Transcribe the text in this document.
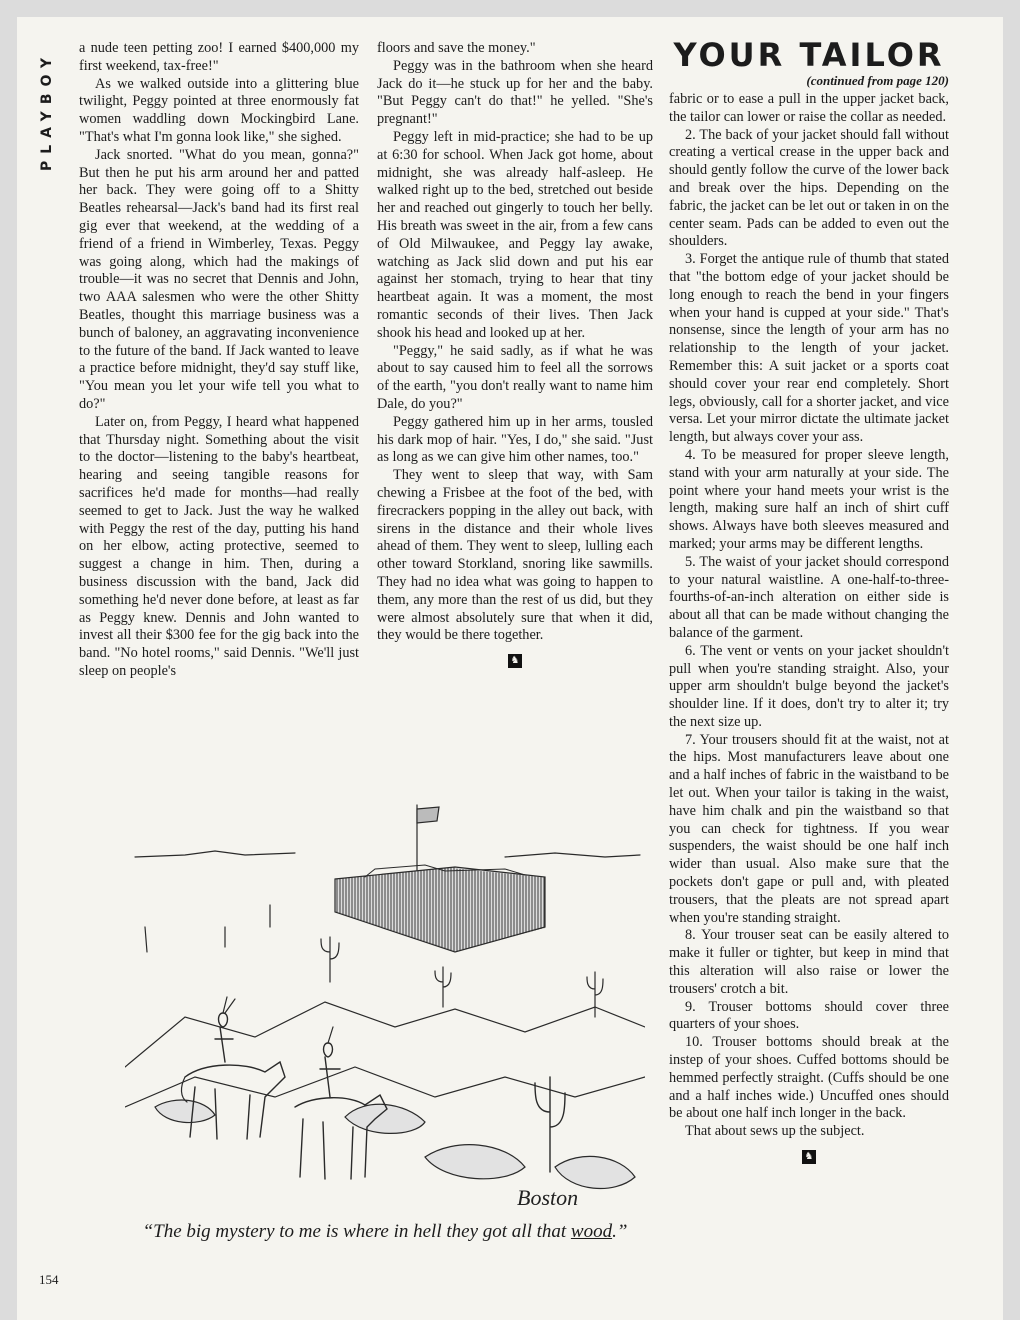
PLAYBOY

a nude teen petting zoo! I earned $400,000 my first weekend, tax-free!"

As we walked outside into a glittering blue twilight, Peggy pointed at three enormously fat women waddling down Mockingbird Lane. "That's what I'm gonna look like," she sighed.

Jack snorted. "What do you mean, gonna?" But then he put his arm around her and patted her back. They were going off to a Shitty Beatles rehearsal—Jack's band had its first real gig ever that weekend, at the wedding of a friend of a friend in Wimberley, Texas. Peggy was going along, which had the makings of trouble—it was no secret that Dennis and John, two AAA salesmen who were the other Shitty Beatles, thought this marriage business was a bunch of baloney, an aggravating inconvenience to the future of the band. If Jack wanted to leave a practice before midnight, they'd say stuff like, "You mean you let your wife tell you what to do?"

Later on, from Peggy, I heard what happened that Thursday night. Something about the visit to the doctor—listening to the baby's heartbeat, hearing and seeing tangible reasons for sacrifices he'd made for months—had really seemed to get to Jack. Just the way he walked with Peggy the rest of the day, putting his hand on her elbow, acting protective, seemed to suggest a change in him. Then, during a business discussion with the band, Jack did something he'd never done before, at least as far as Peggy knew. Dennis and John wanted to invest all their $300 fee for the gig back into the band. "No hotel rooms," said Dennis. "We'll just sleep on people's

floors and save the money."

Peggy was in the bathroom when she heard Jack do it—he stuck up for her and the baby. "But Peggy can't do that!" he yelled. "She's pregnant!"

Peggy left in mid-practice; she had to be up at 6:30 for school. When Jack got home, about midnight, she was already half-asleep. He walked right up to the bed, stretched out beside her and reached out gingerly to touch her belly. His breath was sweet in the air, from a few cans of Old Milwaukee, and Peggy lay awake, watching as Jack slid down and put his ear against her stomach, trying to hear that tiny heartbeat again. It was a moment, the most romantic seconds of their lives. Then Jack shook his head and looked up at her.

"Peggy," he said sadly, as if what he was about to say caused him to feel all the sorrows of the earth, "you don't really want to name him Dale, do you?"

Peggy gathered him up in her arms, tousled his dark mop of hair. "Yes, I do," she said. "Just as long as we can give him other names, too."

They went to sleep that way, with Sam chewing a Frisbee at the foot of the bed, with firecrackers popping in the alley out back, with sirens in the distance and their whole lives ahead of them. They went to sleep, lulling each other toward Storkland, snoring like sawmills. They had no idea what was going to happen to them, any more than the rest of us did, but they were almost absolutely sure that when it did, they would be there together.

♞
YOUR TAILOR
(continued from page 120)

fabric or to ease a pull in the upper jacket back, the tailor can lower or raise the collar as needed.

2. The back of your jacket should fall without creating a vertical crease in the upper back and should gently follow the curve of the lower back and break over the hips. Depending on the fabric, the jacket can be let out or taken in on the center seam. Pads can be added to even out the shoulders.

3. Forget the antique rule of thumb that stated that "the bottom edge of your jacket should be long enough to reach the bend in your fingers when your hand is cupped at your side." That's nonsense, since the length of your arm has no relationship to the length of your jacket. Remember this: A suit jacket or a sports coat should cover your rear end completely. Short legs, obviously, call for a shorter jacket, and vice versa. Let your mirror dictate the ultimate jacket length, but always cover your ass.

4. To be measured for proper sleeve length, stand with your arm naturally at your side. The point where your hand meets your wrist is the length, making sure half an inch of shirt cuff shows. Always have both sleeves measured and marked; your arms may be different lengths.

5. The waist of your jacket should correspond to your natural waistline. A one-half-to-three-fourths-of-an-inch alteration on either side is about all that can be made without changing the balance of the garment.

6. The vent or vents on your jacket shouldn't pull when you're standing straight. Also, your upper arm shouldn't bulge beyond the jacket's shoulder line. If it does, don't try to alter it; try the next size up.

7. Your trousers should fit at the waist, not at the hips. Most manufacturers leave about one and a half inches of fabric in the waistband to be let out. When your tailor is taking in the waist, have him chalk and pin the waistband so that you can check for tightness. If you wear suspenders, the waist should be one half inch wider than usual. Also make sure that the pockets don't gape or pull and, with pleated trousers, that the pleats are not spread apart when you're standing straight.

8. Your trouser seat can be easily altered to make it fuller or tighter, but keep in mind that this alteration will also raise or lower the trousers' crotch a bit.

9. Trouser bottoms should cover three quarters of your shoes.

10. Trouser bottoms should break at the instep of your shoes. Cuffed bottoms should be hemmed perfectly straight. (Cuffs should be one and a half inches wide.) Uncuffed ones should be about one half inch longer in the back.

That about sews up the subject.

♞
Boston
“The big mystery to me is where in hell they got all that wood.”
154
